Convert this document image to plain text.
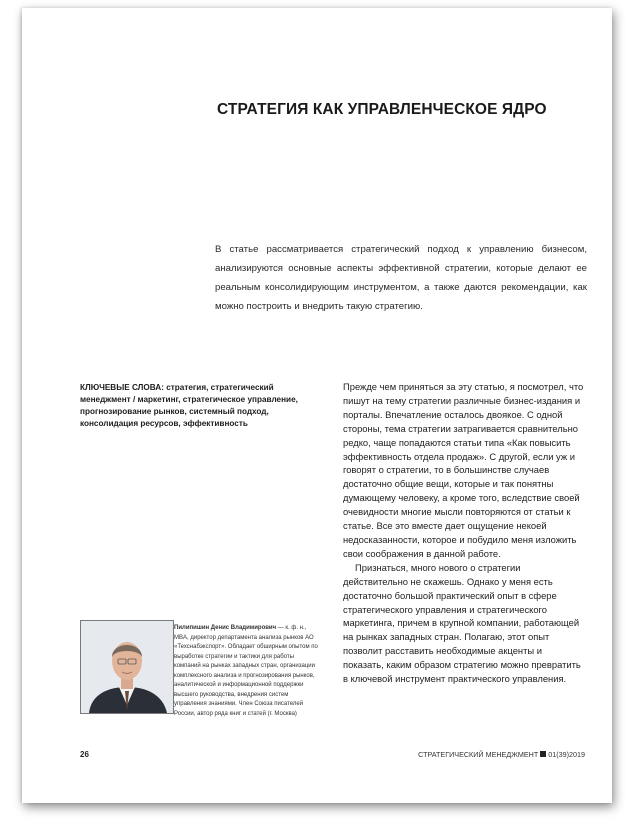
СТРАТЕГИЯ КАК УПРАВЛЕНЧЕСКОЕ ЯДРО
В статье рассматривается стратегический подход к управлению бизнесом, анализируются основные аспекты эффективной стратегии, которые делают ее реальным консолидирующим инструментом, а также даются рекомендации, как можно построить и внедрить такую стратегию.
КЛЮЧЕВЫЕ СЛОВА: стратегия, стратегический менеджмент / маркетинг, стратегическое управление, прогнозирование рынков, системный подход, консолидация ресурсов, эффективность

Прежде чем приняться за эту статью, я посмотрел, что пишут на тему стратегии различные бизнес-издания и порталы. Впечатление осталось двоякое. С одной стороны, тема стратегии затрагивается сравнительно редко, чаще попадаются статьи типа «Как повысить эффективность отдела продаж». С другой, если уж и говорят о стратегии, то в большинстве случаев достаточно общие вещи, которые и так понятны думающему человеку, а кроме того, вследствие своей очевидности многие мысли повторяются от статьи к статье. Все это вместе дает ощущение некоей недосказанности, которое и побудило меня изложить свои соображения в данной работе.

Признаться, много нового о стратегии действительно не скажешь. Однако у меня есть достаточно большой практический опыт в сфере стратегического управления и стратегического маркетинга, причем в крупной компании, работающей на рынках западных стран. Полагаю, этот опыт позволит расставить необходимые акценты и показать, каким образом стратегию можно превратить в ключевой инструмент практического управления.

Пилипишин Денис Владимирович — к. ф. н., MBA, директор департамента анализа рынков АО «Техснабэкспорт». Обладает обширным опытом по выработке стратегии и тактики для работы компаний на рынках западных стран, организации комплексного анализа и прогнозирования рынков, аналитической и информационной поддержки высшего руководства, внедрения систем управления знаниями. Член Союза писателей России, автор ряда книг и статей (г. Москва)
26	СТРАТЕГИЧЕСКИЙ МЕНЕДЖМЕНТ 01(39)2019
